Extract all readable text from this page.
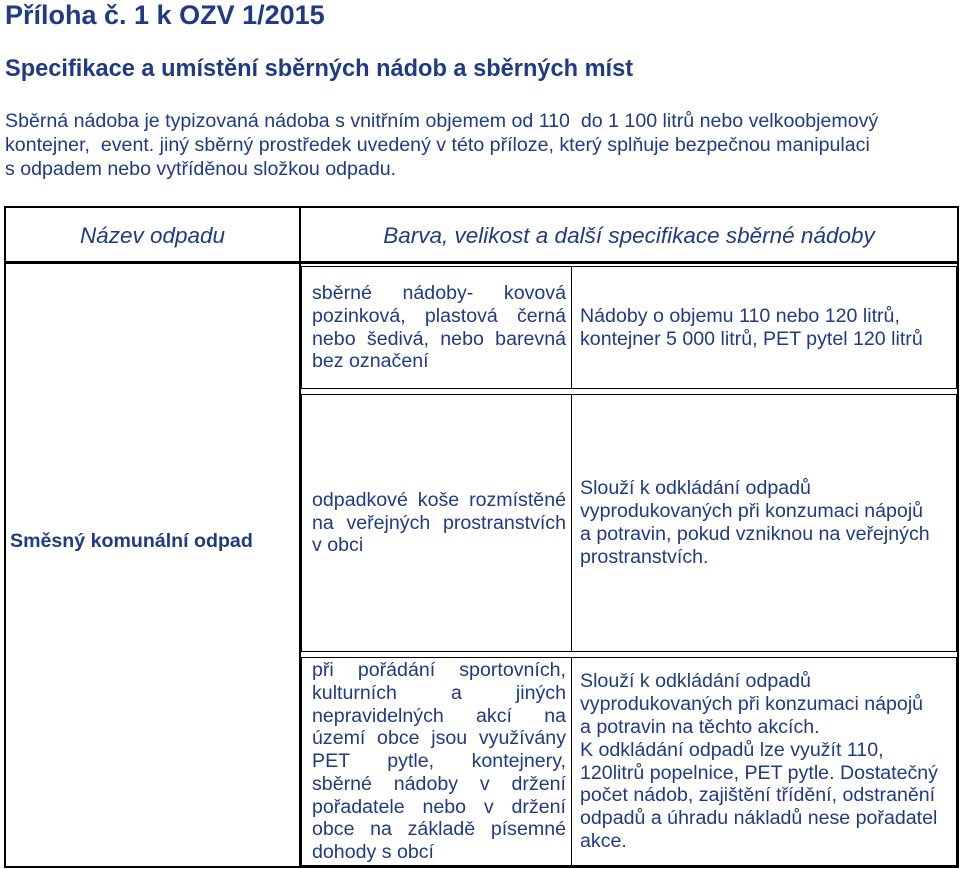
Příloha č. 1 k OZV 1/2015
Specifikace a umístění sběrných nádob a sběrných míst
Sběrná nádoba je typizovaná nádoba s vnitřním objemem od 110  do 1 100 litrů nebo velkoobjemový
kontejner,  event. jiný sběrný prostředek uvedený v této příloze, který splňuje bezpečnou manipulaci
s odpadem nebo vytříděnou složkou odpadu.
Název odpadu	Barva, velikost a další specifikace sběrné nádoby
Směsný komunální odpad
sběrné nádoby- kovová
pozinková, plastová černá
nebo šedivá, nebo barevná
bez označení
Nádoby o objemu 110 nebo 120 litrů,
kontejner 5 000 litrů, PET pytel 120 litrů
odpadkové koše rozmístěné
na veřejných prostranstvích
v obci
Slouží k odkládání odpadů
vyprodukovaných při konzumaci nápojů
a potravin, pokud vzniknou na veřejných
prostranstvích.
při pořádání sportovních,
kulturních a jiných
nepravidelných akcí na
území obce jsou využívány
PET pytle, kontejnery,
sběrné nádoby v držení
pořadatele nebo v držení
obce na základě písemné
dohody s obcí
Slouží k odkládání odpadů
vyprodukovaných při konzumaci nápojů
a potravin na těchto akcích.
K odkládání odpadů lze využít 110,
120litrů popelnice, PET pytle. Dostatečný
počet nádob, zajištění třídění, odstranění
odpadů a úhradu nákladů nese pořadatel
akce.
